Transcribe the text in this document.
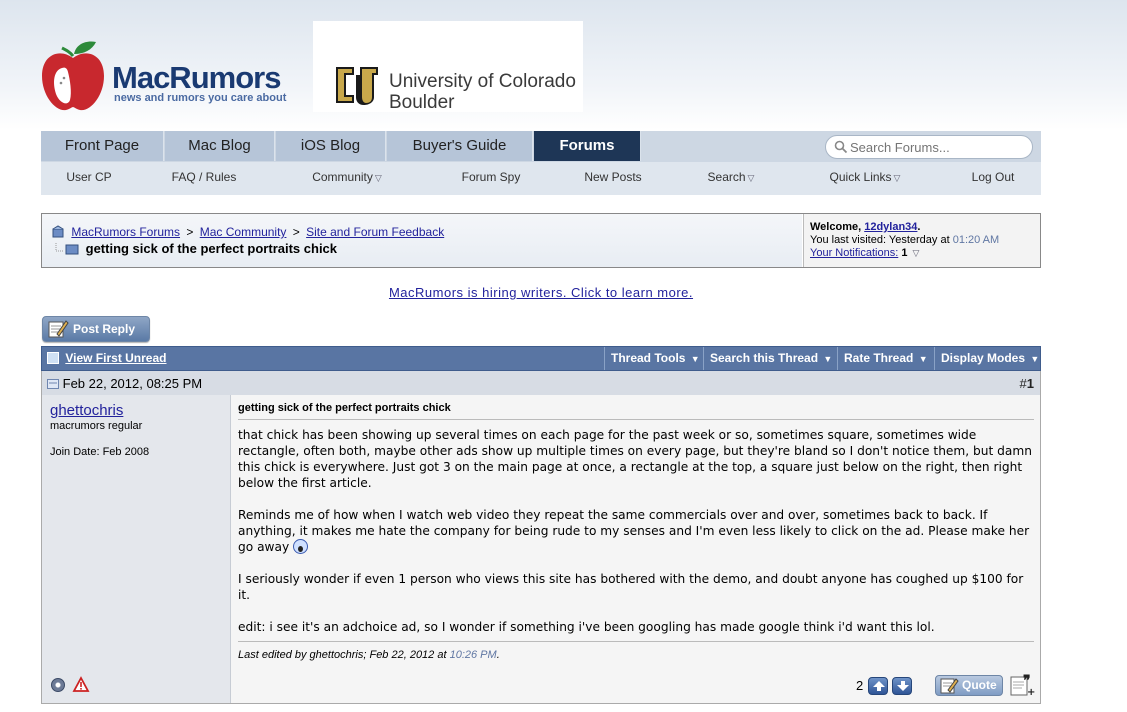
MacRumors
news and rumors you care about
University of Colorado
Boulder
Front Page	Mac Blog	iOS Blog	Buyer's Guide	Forums
Search Forums...
User CP	FAQ / Rules	Community ▽	Forum Spy	New Posts	Search ▽	Quick Links ▽	Log Out
MacRumors Forums > Mac Community > Site and Forum Feedback
getting sick of the perfect portraits chick
Welcome, 12dylan34.
You last visited: Yesterday at 01:20 AM
Your Notifications: 1 ▽
MacRumors is hiring writers. Click to learn more.
Post Reply
View First Unread	Thread Tools ▼ Search this Thread ▼ Rate Thread ▼	Display Modes ▼
Feb 22, 2012, 08:25 PM	#1
ghettochris
macrumors regular
Join Date: Feb 2008
getting sick of the perfect portraits chick

that chick has been showing up several times on each page for the past week or so, sometimes square, sometimes wide rectangle, often both, maybe other ads show up multiple times on every page, but they're bland so I don't notice them, but damn this chick is everywhere. Just got 3 on the main page at once, a rectangle at the top, a square just below on the right, then right below the first article.

Reminds me of how when I watch web video they repeat the same commercials over and over, sometimes back to back. If anything, it makes me hate the company for being rude to my senses and I'm even less likely to click on the ad. Please make her go away

I seriously wonder if even 1 person who views this site has bothered with the demo, and doubt anyone has coughed up $100 for it.

edit: i see it's an adchoice ad, so I wonder if something i've been googling has made google think i'd want this lol.

Last edited by ghettochris; Feb 22, 2012 at 10:26 PM.
2	Quote	❞
+
